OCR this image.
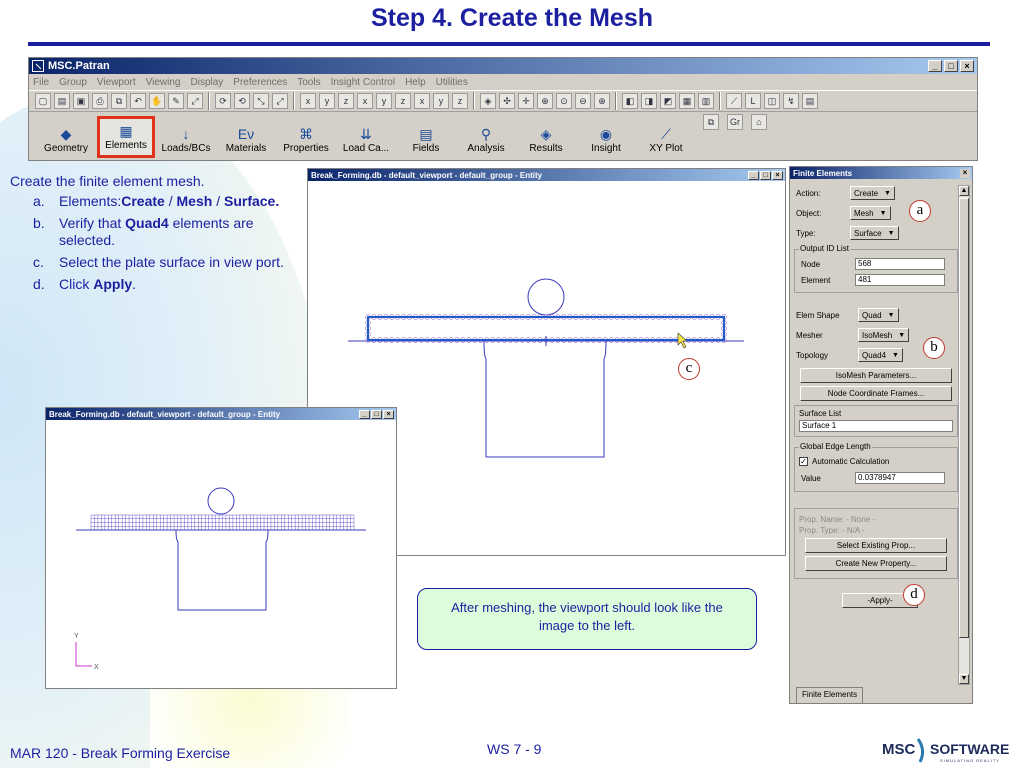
Step 4. Create the Mesh
MSC.Patran	_	□	×
File Group Viewport Viewing Display Preferences Tools Insight Control Help Utilities
▢	▤	▣	⎙	⧉	↶	✋	✎	⤢	⟳	⟲	⤡	⤢	x	y	z	x	y	z	x	y	z	◈	✣	✛	⊕	⊙	⊖	⊕	◧	◨	◩	▦	▥	⟋	L	◫	↯	▤
◆
Geometry
▦
Elements
↓
Loads/BCs
Eν
Materials
⌘
Properties
⇊
Load Ca...
▤
Fields
⚲
Analysis
◈
Results
◉
Insight
⟋
XY Plot
⧉	Gr	⌂
Create the finite element mesh.
a.	Elements:Create / Mesh / Surface.
b.	Verify that Quad4 elements are selected.
c.	Select the plate surface in view port.
d.	Click Apply.
Break_Forming.db - default_viewport - default_group - Entity	_	□	×
Break_Forming.db - default_viewport - default_group - Entity	_	□	×
Y
X
Finite Elements	×
▲
▼
Action:	Create ▼
Object:	Mesh ▼
Type:	Surface ▼
Output ID List
Node	568
Element	481
Elem Shape	Quad ▼
Mesher	IsoMesh ▼
Topology	Quad4 ▼
IsoMesh Parameters...
Node Coordinate Frames...
Surface List
Surface 1
Global Edge Length
✓ Automatic Calculation
Value	0.0378947
Prop. Name: - None -
Prop. Type: - N/A -
Select Existing Prop...
Create New Property...
-Apply-
Finite Elements
a
b
c
d
After meshing, the viewport should look like the image to the left.
MAR 120 - Break Forming Exercise	WS 7 - 9	MSC SOFTWARE
SIMULATING REALITY
